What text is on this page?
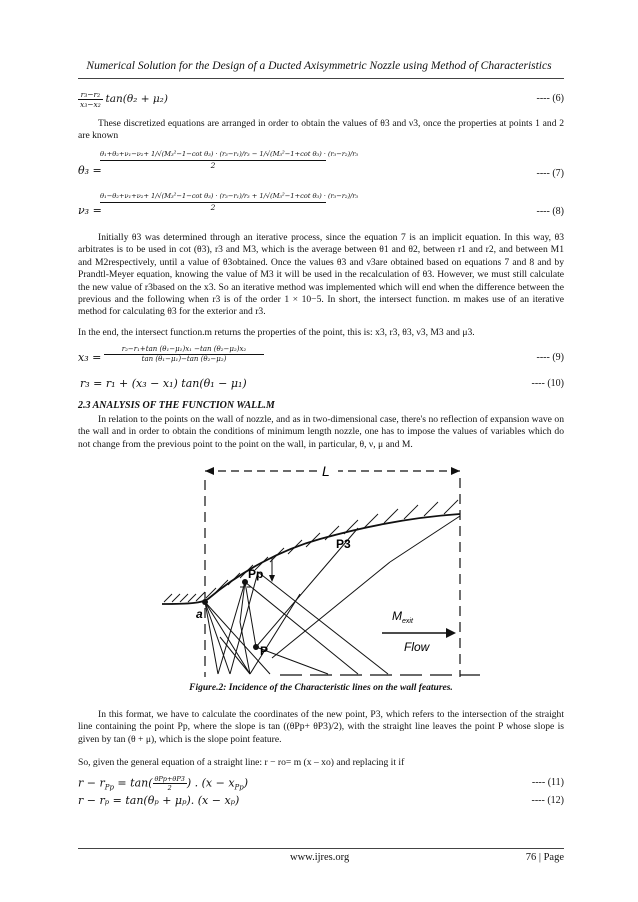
Numerical Solution for the Design of a Ducted Axisymmetric Nozzle using Method of Characteristics
$\frac{\text{r₃−r₂}}{\text{x₃−x₂}} \tan(\theta_2 + \mu_2)$	---- (6)
These discretized equations are arranged in order to obtain the values of θ3 and ν3, once the properties at points 1 and 2 are known
θ₃ =
θ₁+θ₂+ν₁−ν₂+ 1/√(M₃²−1−cot θ₃) · (r₃−r₁)/r₃ − 1/√(M₃²−1+cot θ₃) · (r₃−r₂)/r₃
2
---- (7)
ν₃ =
θ₁−θ₂+ν₁+ν₂+ 1/√(M₃²−1−cot θ₃) · (r₃−r₁)/r₃ + 1/√(M₃²−1+cot θ₃) · (r₃−r₂)/r₃
2	---- (8)
Initially θ3 was determined through an iterative process, since the equation 7 is an implicit equation. In this way, θ3 arbitrates is to be used in cot (θ3), r3 and M3, which is the average between θ1 and θ2, between r1 and r2, and between M1 and M2respectively, until a value of θ3obtained. Once the values θ3 and ν3are obtained based on equations 7 and 8 and by Prandtl-Meyer equation, knowing the value of M3 it will be used in the recalculation of θ3. However, we must still calculate the new value of r3based on the x3. So an iterative method was implemented which will end when the difference between the previous and the following when r3 is of the order 1 × 10−5. In short, the intersect function. m makes use of an iterative method for calculating θ3 for the exterior and r3.
In the end, the intersect function.m returns the properties of the point, this is: x3, r3, θ3, ν3, M3 and μ3.
$x_3 = \frac{\text{r₂−r₁+tan (θ₁−μ₁)x₁ −tan (θ₂−μ₂)x₂}}{\text{tan (θ₁−μ₁)−tan (θ₂−μ₂)}}$	---- (9)
r₃ = r₁ + (x₃ − x₁) tan(θ₁ − μ₁)	---- (10)
2.3 ANALYSIS OF THE FUNCTION WALL.M
In relation to the points on the wall of nozzle, and as in two-dimensional case, there's no reflection of expansion wave on the wall and in order to obtain the conditions of minimum length nozzle, one has to impose the values of variables which do not change from the previous point to the point on the wall, in particular, θ, ν, μ and M.
L
Pp
P
a
P3
$M_{exit}$
Flow
Figure.2: Incidence of the Characteristic lines on the wall features.
In this format, we have to calculate the coordinates of the new point, P3, which refers to the intersection of the straight line containing the point Pp, where the slope is tan ((θPp+ θP3)/2), with the straight line leaves the point P whose slope is given by tan (θ + μ), which is the slope point feature.
So, given the general equation of a straight line: r − ro= m (x – xo) and replacing it if
$r - r_{Pp} = \tan( \frac{\text{θPp+θP3}}{2}$ ) . $(x - x_{Pp})$	---- (11)
r − rₚ = tan(θₚ + μₚ). (x − xₚ)	---- (12)
www.ijres.org	76 | Page
